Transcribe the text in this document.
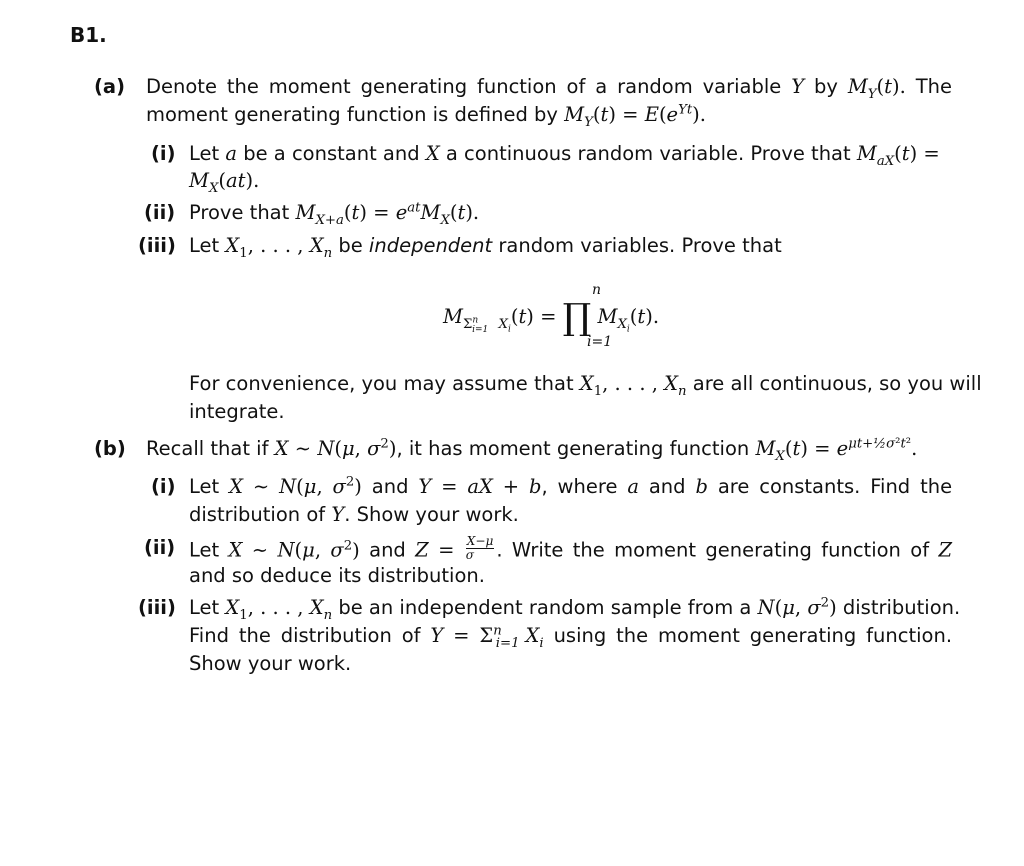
B1.
(a) Denote the moment generating function of a random variable Y by $M_Y(t)$. The
moment generating function is defined by $M_Y(t) = E(e^{Yt})$.
(i) Let a be a constant and X a continuous random variable. Prove that $M_{aX}(t)$ =
$M_X(at)$.
(ii) Prove that $M_{X+a}(t) = e^{at}M_X(t)$.
(iii) Let $X_1$, . . . , $X_n$ be independent random variables. Prove that
$M_{\Sigma^n_{i=1} X_i}(t)$ = ∏ $M_{X_i}(t)$.
n
i=1
For convenience, you may assume that $X_1$, . . . , $X_n$ are all continuous, so you will
integrate.
(b) Recall that if X ∼ N(μ, $\sigma^2$), it has moment generating function $M_X(t) = e^{\mu t+\frac{1}{2}\sigma^2t^2}$.
(i) Let X ∼ N(μ, $\sigma^2$) and Y = aX + b, where a and b are constants. Find the
distribution of Y. Show your work.
(ii) Let X ∼ N(μ, $\sigma^2$) and $Z = \frac{X-\mu}{\sigma}$ . Write the moment generating function of Z
and so deduce its distribution.
(iii) Let $X_1$, . . . , $X_n$ be an independent random sample from a N(μ, $\sigma^2$) distribution.
Find the distribution of $Y = \Sigma^n_{i=1}$ $X_i$ using the moment generating function.
Show your work.
